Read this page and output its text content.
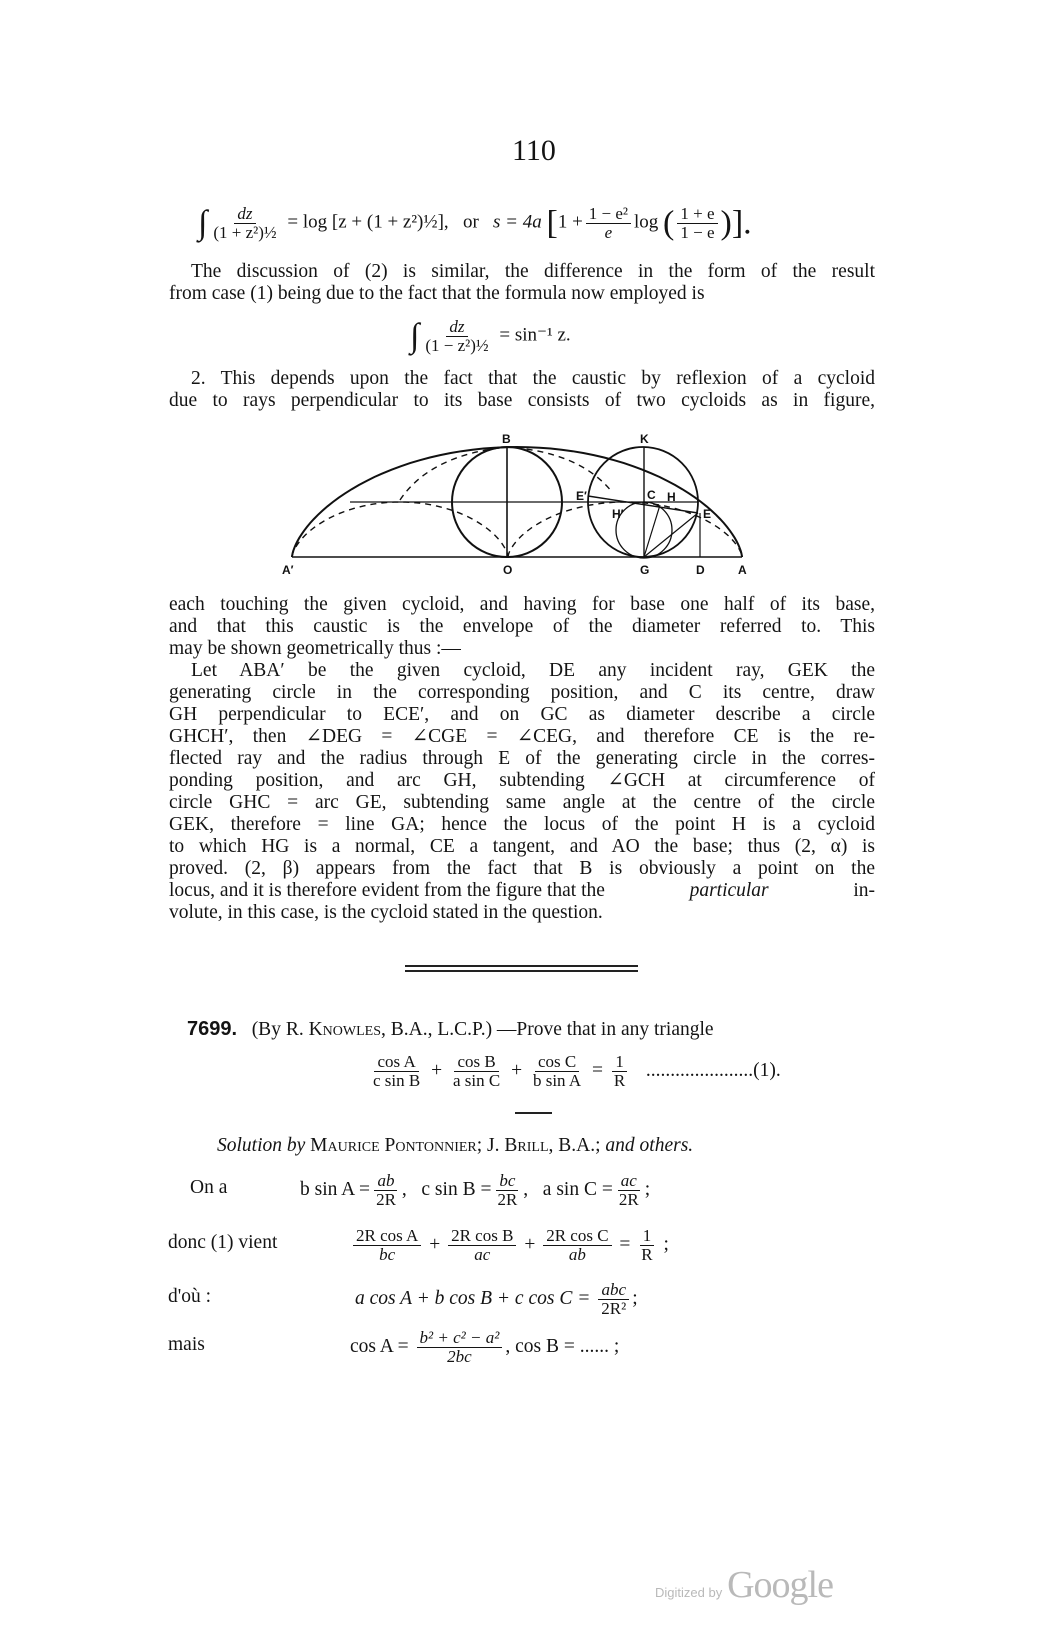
110
∫ $\frac{dz}{\text{(1 + z²)½}} = \log [z + (1$ + z²)½], or s = 4a [$1 + \frac{\text{1 − e²}}{e}$ log ( $\frac{1 + e}{1 - e}$ )].
The discussion of (2) is similar, the difference in the form of the result
from case (1) being due to the fact that the formula now employed is
∫ $\frac{dz}{\text{(1 − z²)½}} = \sin^{-1}$ z.
2. This depends upon the fact that the caustic by reflexion of a cycloid
due to rays perpendicular to its base consists of two cycloids as in figure,
B	K
E′	C
H′
H
E
A′	O	G	D	A
each touching the given cycloid, and having for base one half of its base,
and that this caustic is the envelope of the diameter referred to. This
may be shown geometrically thus :—
Let ABA′ be the given cycloid, DE any incident ray, GEK the
generating circle in the corresponding position, and C its centre, draw
GH perpendicular to ECE′, and on GC as diameter describe a circle
GHCH′, then ∠DEG = ∠CGE = ∠CEG, and therefore CE is the re-
flected ray and the radius through E of the generating circle in the corres-
ponding position, and arc GH, subtending ∠GCH at circumference of
circle GHC = arc GE, subtending same angle at the centre of the circle
GEK, therefore = line GA; hence the locus of the point H is a cycloid
to which HG is a normal, CE a tangent, and AO the base; thus (2, α) is
proved. (2, β) appears from the fact that B is obviously a point on the
locus, and it is therefore evident from the figure that the	particular	in-
volute, in this case, is the cycloid stated in the question.
7699. (By R. Knowles, B.A., L.C.P.) —Prove that in any triangle
$\frac{\text{cos A}}{\text{c sin B}} + \frac{\text{cos B}}{\text{a sin C}} + \frac{\text{cos C}}{\text{b sin A}} = \frac{1}{R} ......................(1)$.
Solution by Maurice Pontonnier; J. Brill, B.A.; and others.
On a	b $\sin A = \frac{ab}{2R}$ , c $\sin B = \frac{bc}{2R}$ , a $\sin C = \frac{ac}{2R}$ ;
donc (1) vient	$\frac{\text{2R cos A}}{bc} + \frac{\text{2R cos B}}{ac} + \frac{\text{2R cos C}}{ab} = \frac{1}{R}$ ;
d'où :	a cos A + b cos B + c $\cos C = \frac{\text{abc}}{\text{2R²}}$ ;
mais	$\cos A = \frac{\text{b² + c² − a²}}{2bc}$ , cos B = ...... ;
Digitized by Google
